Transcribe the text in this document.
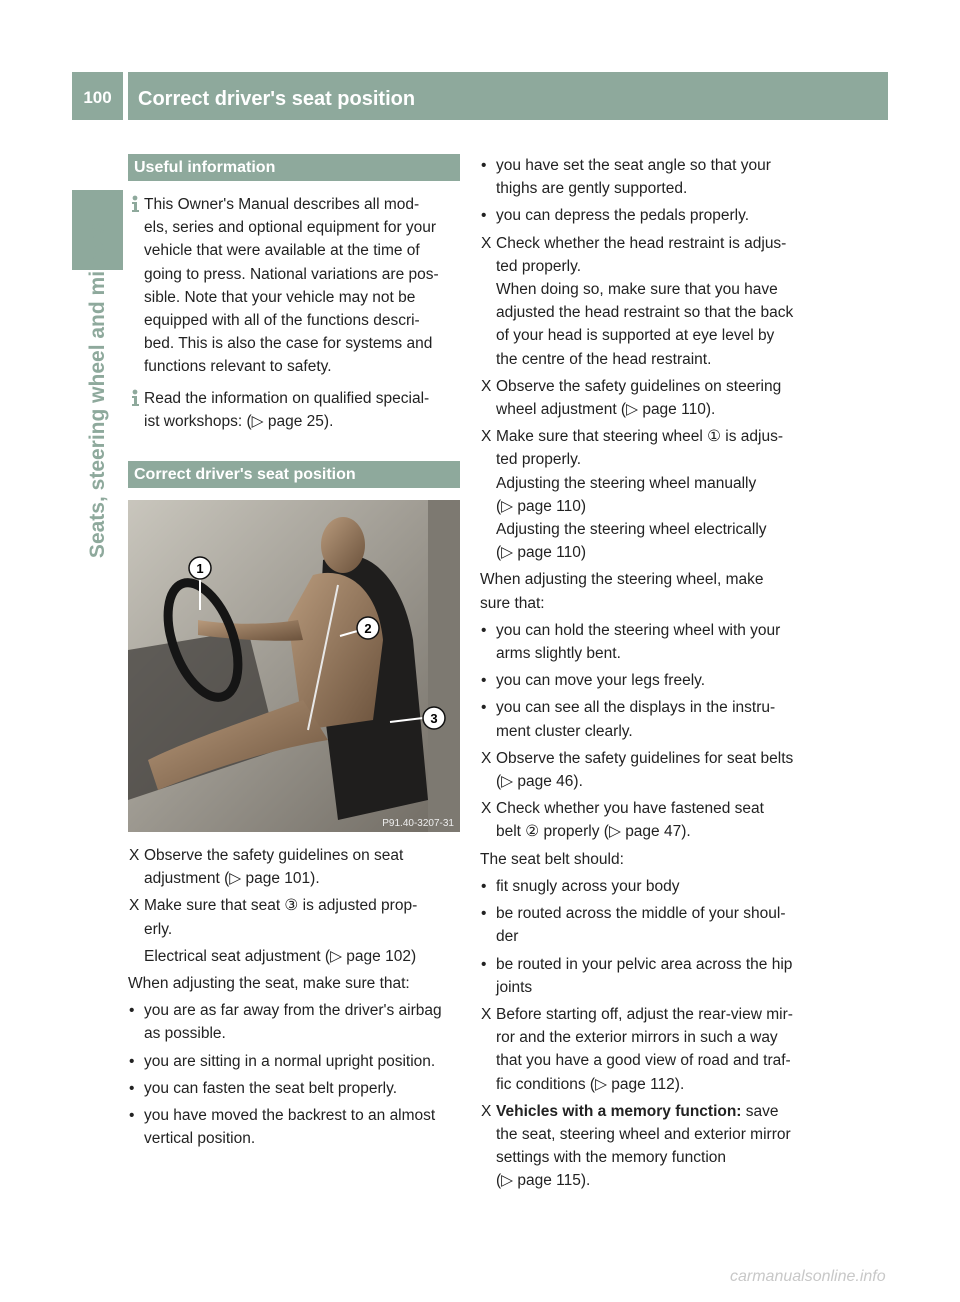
100	Correct driver's seat position
Seats, steering wheel and mirrors
Useful information
This Owner's Manual describes all mod-
els, series and optional equipment for your
vehicle that were available at the time of
going to press. National variations are pos-
sible. Note that your vehicle may not be
equipped with all of the functions descri-
bed. This is also the case for systems and
functions relevant to safety.
Read the information on qualified special-
ist workshops: (▷ page 25).
Correct driver's seat position
1
2
3
P91.40-3207-31
X Observe the safety guidelines on seat
adjustment (▷ page 101).
X Make sure that seat ③ is adjusted prop-
erly.
Electrical seat adjustment (▷ page 102)
When adjusting the seat, make sure that:
• you are as far away from the driver's airbag
as possible.
• you are sitting in a normal upright position.
• you can fasten the seat belt properly.
• you have moved the backrest to an almost
vertical position.
• you have set the seat angle so that your
thighs are gently supported.
• you can depress the pedals properly.
X Check whether the head restraint is adjus-
ted properly.
When doing so, make sure that you have
adjusted the head restraint so that the back
of your head is supported at eye level by
the centre of the head restraint.
X Observe the safety guidelines on steering
wheel adjustment (▷ page 110).
X Make sure that steering wheel ① is adjus-
ted properly.
Adjusting the steering wheel manually
(▷ page 110)
Adjusting the steering wheel electrically
(▷ page 110)
When adjusting the steering wheel, make
sure that:
• you can hold the steering wheel with your
arms slightly bent.
• you can move your legs freely.
• you can see all the displays in the instru-
ment cluster clearly.
X Observe the safety guidelines for seat belts
(▷ page 46).
X Check whether you have fastened seat
belt ② properly (▷ page 47).
The seat belt should:
• fit snugly across your body
• be routed across the middle of your shoul-
der
• be routed in your pelvic area across the hip
joints
X Before starting off, adjust the rear-view mir-
ror and the exterior mirrors in such a way
that you have a good view of road and traf-
fic conditions (▷ page 112).
X Vehicles with a memory function: save
the seat, steering wheel and exterior mirror
settings with the memory function
(▷ page 115).
carmanualsonline.info
